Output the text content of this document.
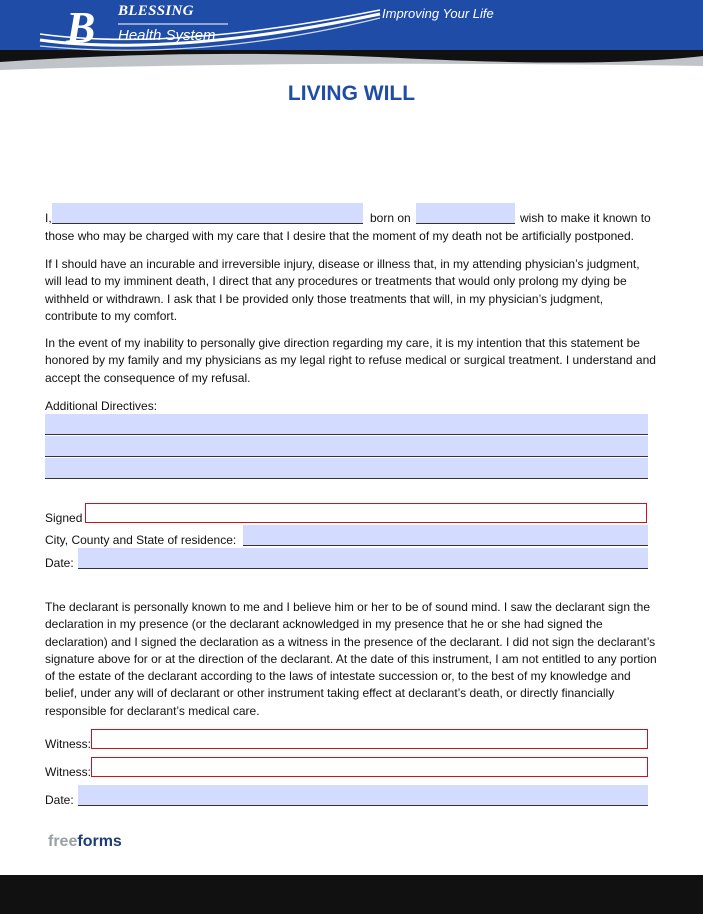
B BLESSING
Health System
Improving Your Life
LIVING WILL
I,	born on	wish to make it known to
those who may be charged with my care that I desire that the moment of my death not be artificially postponed.
If I should have an incurable and irreversible injury, disease or illness that, in my attending physician’s judgment, will lead to my imminent death, I direct that any procedures or treatments that would only prolong my dying be withheld or withdrawn. I ask that I be provided only those treatments that will, in my physician’s judgment, contribute to my comfort.
In the event of my inability to personally give direction regarding my care, it is my intention that this statement be honored by my family and my physicians as my legal right to refuse medical or surgical treatment. I understand and accept the consequence of my refusal.
Additional Directives:
Signed
City, County and State of residence:
Date:
The declarant is personally known to me and I believe him or her to be of sound mind. I saw the declarant sign the declaration in my presence (or the declarant acknowledged in my presence that he or she had signed the declaration) and I signed the declaration as a witness in the presence of the declarant. I did not sign the declarant’s signature above for or at the direction of the declarant. At the date of this instrument, I am not entitled to any portion of the estate of the declarant according to the laws of intestate succession or, to the best of my knowledge and belief, under any will of declarant or other instrument taking effect at declarant’s death, or directly financially responsible for declarant’s medical care.
Witness:
Witness:
Date:
freeforms
